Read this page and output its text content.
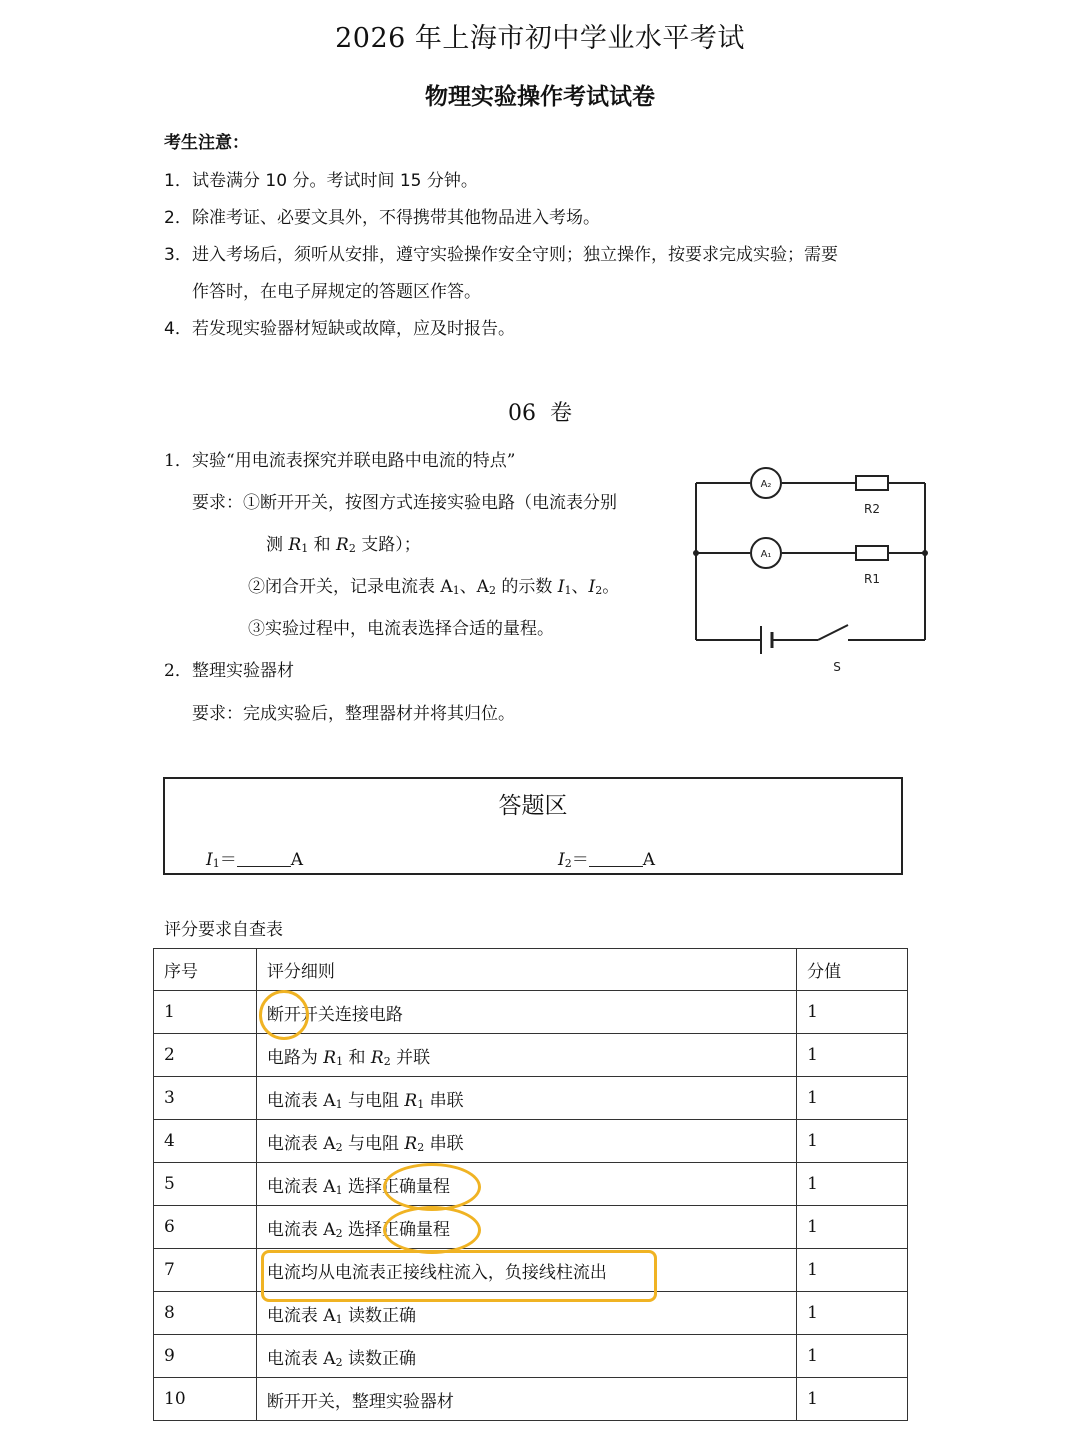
2026 年上海市初中学业水平考试
物理实验操作考试试卷
考生注意：
1．试卷满分 10 分。考试时间 15 分钟。
2．除准考证、必要文具外，不得携带其他物品进入考场。
3．进入考场后，须听从安排，遵守实验操作安全守则；独立操作，按要求完成实验；需要
作答时，在电子屏规定的答题区作答。
4．若发现实验器材短缺或故障，应及时报告。
06  卷
1．实验“用电流表探究并联电路中电流的特点”
要求：①断开开关，按图方式连接实验电路（电流表分别
测 $R_1$ 和 $R_2$ 支路）；
②闭合开关，记录电流表 $A_1$、$A_2$ 的示数 $I_1$、$I_2$。
③实验过程中，电流表选择合适的量程。
2．整理实验器材
要求：完成实验后，整理器材并将其归位。
A₂
A₁
R2
R1
S
答题区
$I_1=$	A	$I_2=$	A
评分要求自查表
序号	评分细则	分值
1	断开开关连接电路	1
2	电路为 $R_1$ 和 $R_2$ 并联	1
3	电流表 $A_1$ 与电阻 $R_1$ 串联	1
4	电流表 $A_2$ 与电阻 $R_2$ 串联	1
5	电流表 $A_1$ 选择正确量程	1
6	电流表 $A_2$ 选择正确量程	1
7	电流均从电流表正接线柱流入，负接线柱流出	1
8	电流表 $A_1$ 读数正确	1
9	电流表 $A_2$ 读数正确	1
10	断开开关，整理实验器材	1
